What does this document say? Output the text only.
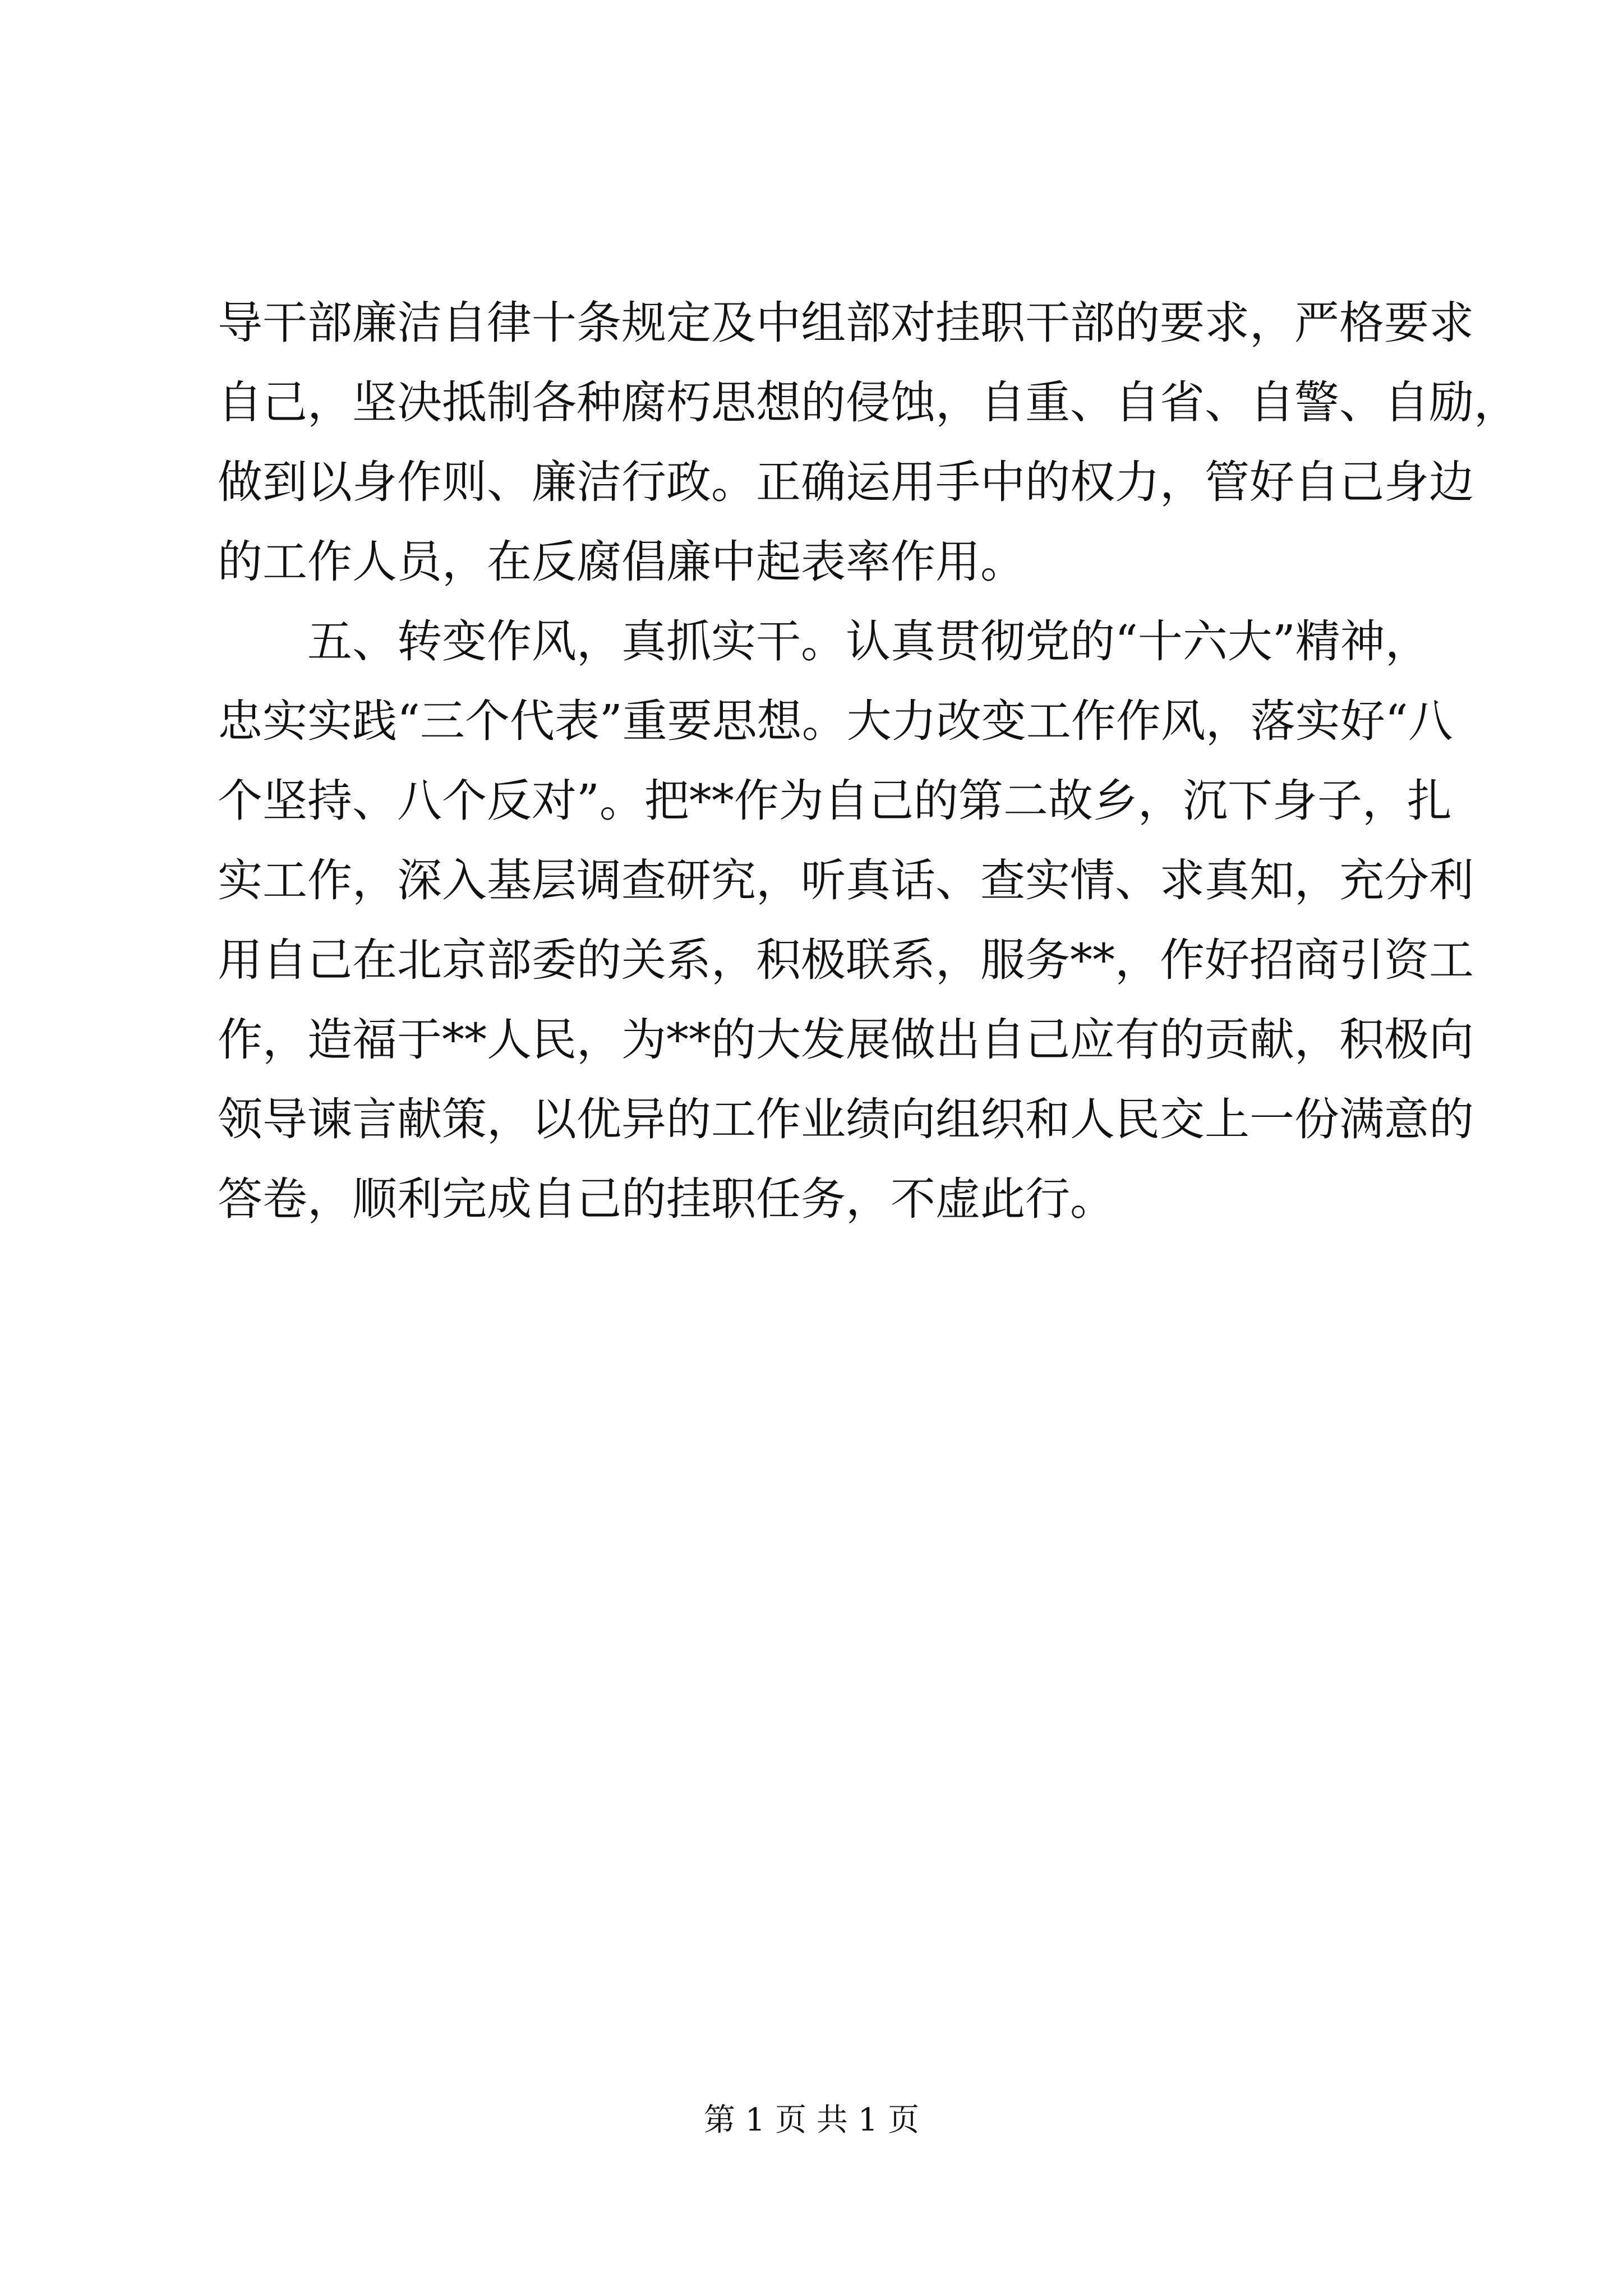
导干部廉洁自律十条规定及中组部对挂职干部的要求，严格要求
自己，坚决抵制各种腐朽思想的侵蚀，自重、自省、自警、自励，
做到以身作则、廉洁行政。正确运用手中的权力，管好自己身边
的工作人员，在反腐倡廉中起表率作用。
五、转变作风，真抓实干。认真贯彻党的“十六大”精神，
忠实实践“三个代表”重要思想。大力改变工作作风，落实好“八
个坚持、八个反对”。把**作为自己的第二故乡，沉下身子，扎
实工作，深入基层调查研究，听真话、查实情、求真知，充分利
用自己在北京部委的关系，积极联系，服务**，作好招商引资工
作，造福于**人民，为**的大发展做出自己应有的贡献，积极向
领导谏言献策，以优异的工作业绩向组织和人民交上一份满意的
答卷，顺利完成自己的挂职任务，不虚此行。
第 1 页 共 1 页
